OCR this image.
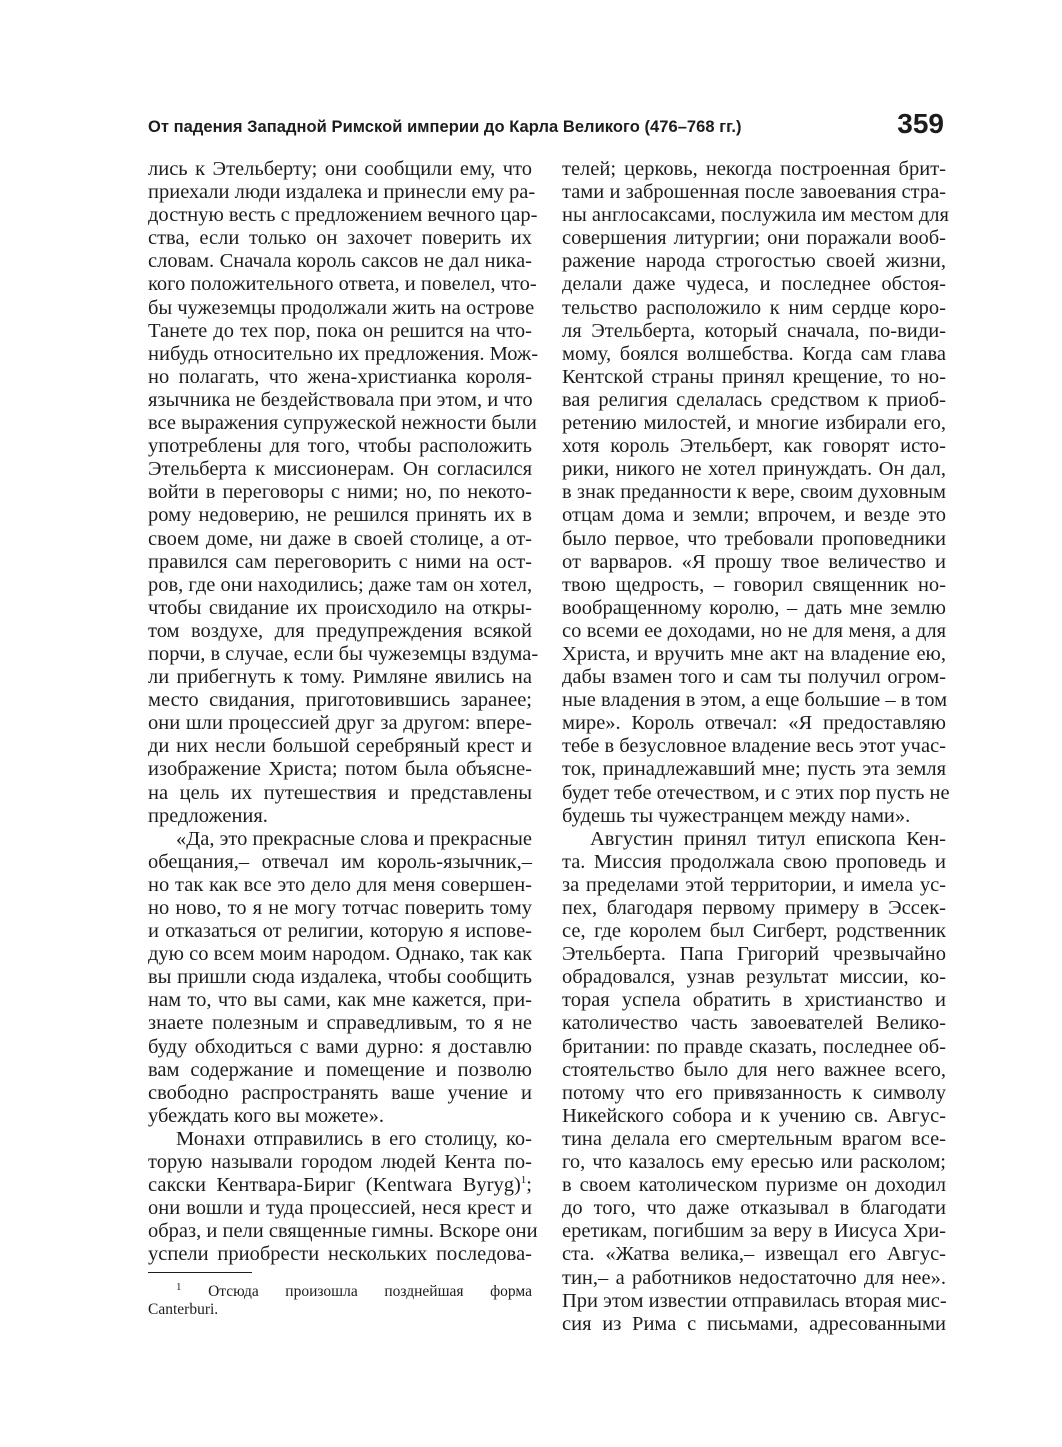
От падения Западной Римской империи до Карла Великого (476–768 гг.)	359
лись к Этельберту; они сообщили ему, что
приехали люди издалека и принесли ему ра-
достную весть с предложением вечного цар-
ства, если только он захочет поверить их
словам. Сначала король саксов не дал ника-
кого положительного ответа, и повелел, что-
бы чужеземцы продолжали жить на острове
Танете до тех пор, пока он решится на что-
нибудь относительно их предложения. Мож-
но полагать, что жена-христианка короля-
язычника не бездействовала при этом, и что
все выражения супружеской нежности были
употреблены для того, чтобы расположить
Этельберта к миссионерам. Он согласился
войти в переговоры с ними; но, по некото-
рому недоверию, не решился принять их в
своем доме, ни даже в своей столице, а от-
правился сам переговорить с ними на ост-
ров, где они находились; даже там он хотел,
чтобы свидание их происходило на откры-
том воздухе, для предупреждения всякой
порчи, в случае, если бы чужеземцы вздума-
ли прибегнуть к тому. Римляне явились на
место свидания, приготовившись заранее;
они шли процессией друг за другом: впере-
ди них несли большой серебряный крест и
изображение Христа; потом была объясне-
на цель их путешествия и представлены
предложения.
«Да, это прекрасные слова и прекрасные
обещания,– отвечал им король-язычник,–
но так как все это дело для меня совершен-
но ново, то я не могу тотчас поверить тому
и отказаться от религии, которую я испове-
дую со всем моим народом. Однако, так как
вы пришли сюда издалека, чтобы сообщить
нам то, что вы сами, как мне кажется, при-
знаете полезным и справедливым, то я не
буду обходиться с вами дурно: я доставлю
вам содержание и помещение и позволю
свободно распространять ваше учение и
убеждать кого вы можете».
Монахи отправились в его столицу, ко-
торую называли городом людей Кента по-
сакски Кентвара-Бириг (Kentwara Byryg)$^1$;
они вошли и туда процессией, неся крест и
образ, и пели священные гимны. Вскоре они
успели приобрести нескольких последова-
телей; церковь, некогда построенная брит-
тами и заброшенная после завоевания стра-
ны англосаксами, послужила им местом для
совершения литургии; они поражали вооб-
ражение народа строгостью своей жизни,
делали даже чудеса, и последнее обстоя-
тельство расположило к ним сердце коро-
ля Этельберта, который сначала, по-види-
мому, боялся волшебства. Когда сам глава
Кентской страны принял крещение, то но-
вая религия сделалась средством к приоб-
ретению милостей, и многие избирали его,
хотя король Этельберт, как говорят исто-
рики, никого не хотел принуждать. Он дал,
в знак преданности к вере, своим духовным
отцам дома и земли; впрочем, и везде это
было первое, что требовали проповедники
от варваров. «Я прошу твое величество и
твою щедрость, – говорил священник но-
вообращенному королю, – дать мне землю
со всеми ее доходами, но не для меня, а для
Христа, и вручить мне акт на владение ею,
дабы взамен того и сам ты получил огром-
ные владения в этом, а еще большие – в том
мире». Король отвечал: «Я предоставляю
тебе в безусловное владение весь этот учас-
ток, принадлежавший мне; пусть эта земля
будет тебе отечеством, и с этих пор пусть не
будешь ты чужестранцем между нами».
Августин принял титул епископа Кен-
та. Миссия продолжала свою проповедь и
за пределами этой территории, и имела ус-
пех, благодаря первому примеру в Эссек-
се, где королем был Сигберт, родственник
Этельберта. Папа Григорий чрезвычайно
обрадовался, узнав результат миссии, ко-
торая успела обратить в христианство и
католичество часть завоевателей Велико-
британии: по правде сказать, последнее об-
стоятельство было для него важнее всего,
потому что его привязанность к символу
Никейского собора и к учению св. Авгус-
тина делала его смертельным врагом все-
го, что казалось ему ересью или расколом;
в своем католическом пуризме он доходил
до того, что даже отказывал в благодати
еретикам, погибшим за веру в Иисуса Хри-
ста. «Жатва велика,– извещал его Авгус-
тин,– а работников недостаточно для нее».
При этом известии отправилась вторая мис-
сия из Рима с письмами, адресованными
$^1$ Отсюда произошла позднейшая форма
Canterburi.
